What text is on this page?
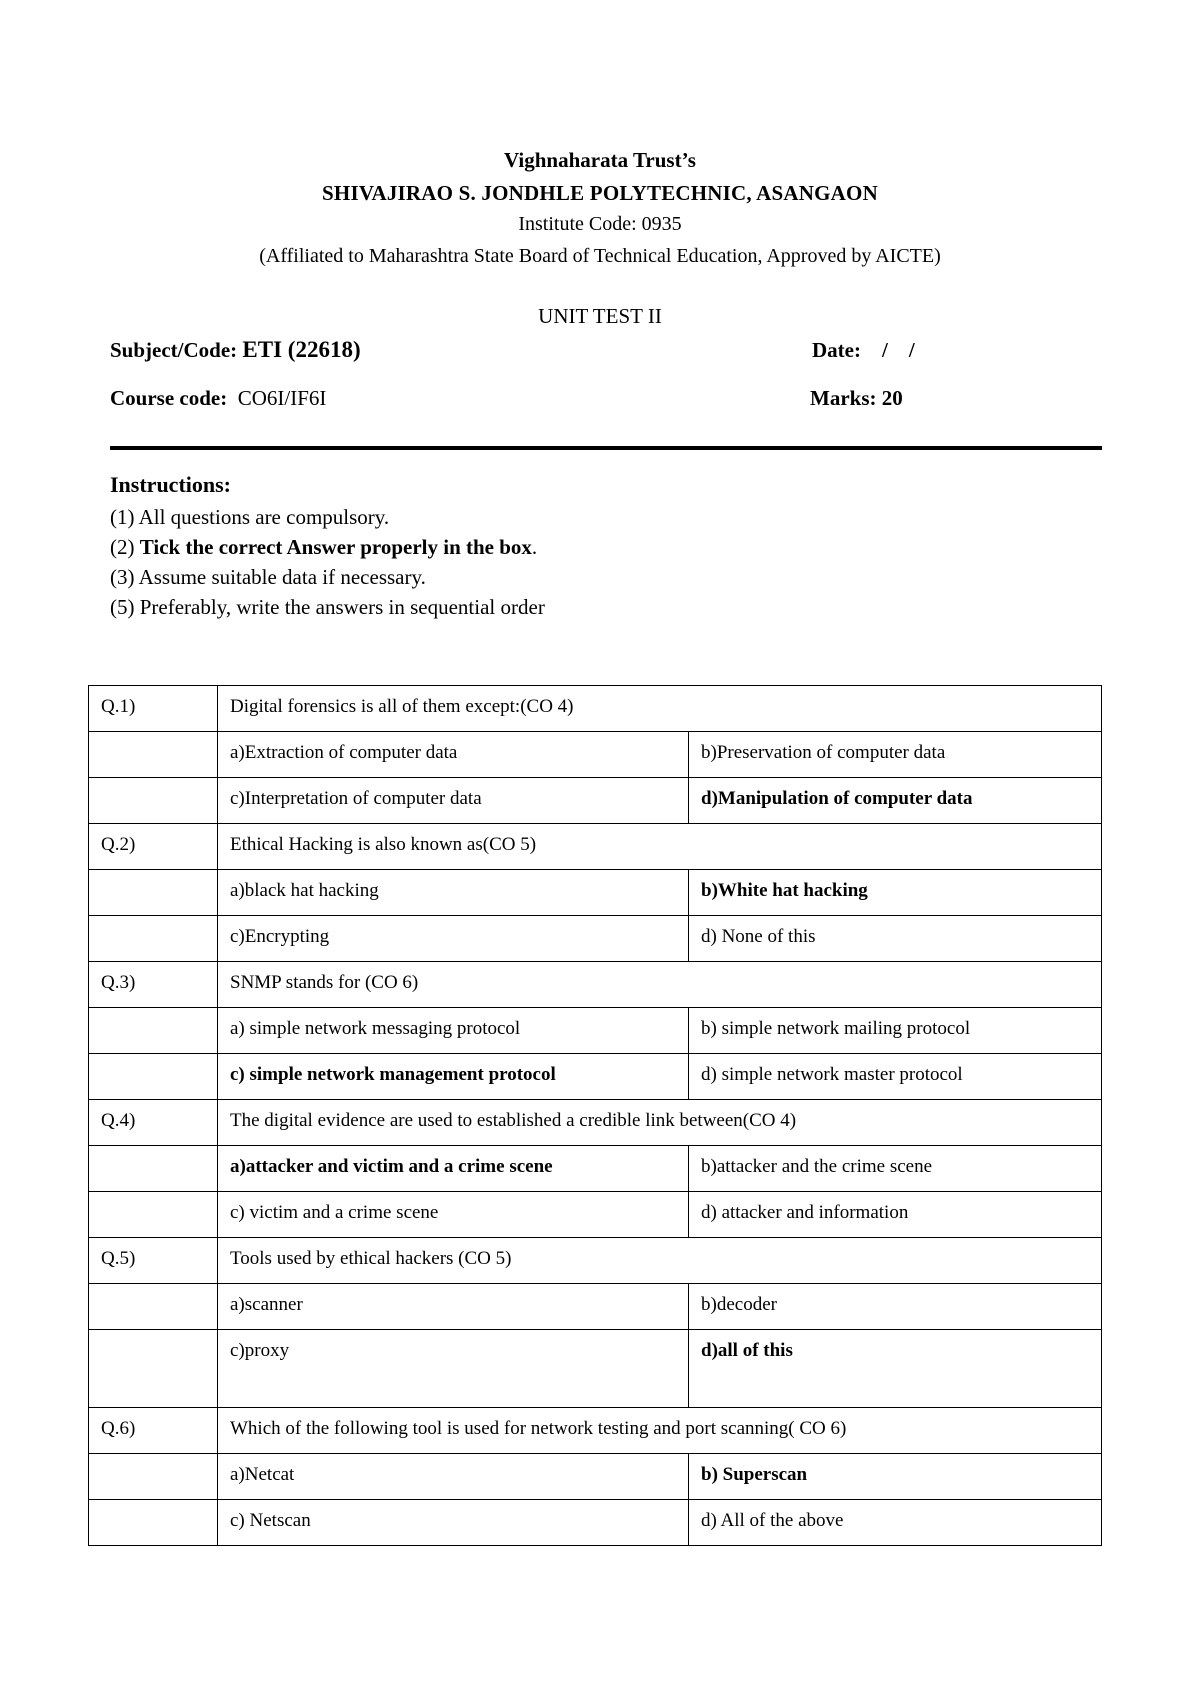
Vighnaharata Trust’s
SHIVAJIRAO S. JONDHLE POLYTECHNIC, ASANGAON
Institute Code: 0935
(Affiliated to Maharashtra State Board of Technical Education, Approved by AICTE)
UNIT TEST II
Subject/Code: ETI (22618)	Date: /    /
Course code: CO6I/IF6I	Marks: 20
Instructions:
(1) All questions are compulsory.
(2) Tick the correct Answer properly in the box.
(3) Assume suitable data if necessary.
(5) Preferably, write the answers in sequential order
Q.1)	Digital forensics is all of them except:(CO 4)	
	a)Extraction of computer data	b)Preservation of computer data
	c)Interpretation of computer data	d)Manipulation of computer data
Q.2)	Ethical Hacking is also known as(CO 5)	
	a)black hat hacking	b)White hat hacking
	c)Encrypting	d) None of this
Q.3)	SNMP stands for (CO 6)	
	a) simple network messaging protocol	b) simple network mailing protocol
	c) simple network management protocol	d) simple network master protocol
Q.4)	The digital evidence are used to established a credible link between(CO 4)	
	a)attacker and victim and a crime scene	b)attacker and the crime scene
	c) victim and a crime scene	d) attacker and information
Q.5)	Tools used by ethical hackers (CO 5)	
	a)scanner	b)decoder
	c)proxy	d)all of this
Q.6)	Which of the following tool is used for network testing and port scanning( CO 6)	
	a)Netcat	b) Superscan
	c) Netscan	d) All of the above
